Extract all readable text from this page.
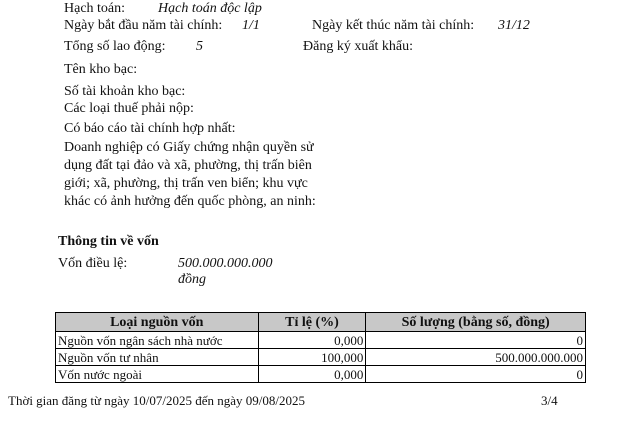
Hạch toán: Hạch toán độc lập
Ngày bắt đầu năm tài chính: 1/1	Ngày kết thúc năm tài chính: 31/12
Tổng số lao động: 5	Đăng ký xuất khẩu:
Tên kho bạc:
Số tài khoản kho bạc:
Các loại thuế phải nộp:
Có báo cáo tài chính hợp nhất:
Doanh nghiệp có Giấy chứng nhận quyền sử
dụng đất tại đảo và xã, phường, thị trấn biên
giới; xã, phường, thị trấn ven biển; khu vực
khác có ảnh hưởng đến quốc phòng, an ninh:
Thông tin về vốn
Vốn điều lệ:	500.000.000.000
đồng
Loại nguồn vốn	Tỉ lệ (%)	Số lượng (bằng số, đồng)
Nguồn vốn ngân sách nhà nước	0,000	0
Nguồn vốn tư nhân	100,000	500.000.000.000
Vốn nước ngoài	0,000	0
Thời gian đăng từ ngày 10/07/2025 đến ngày 09/08/2025	3/4
